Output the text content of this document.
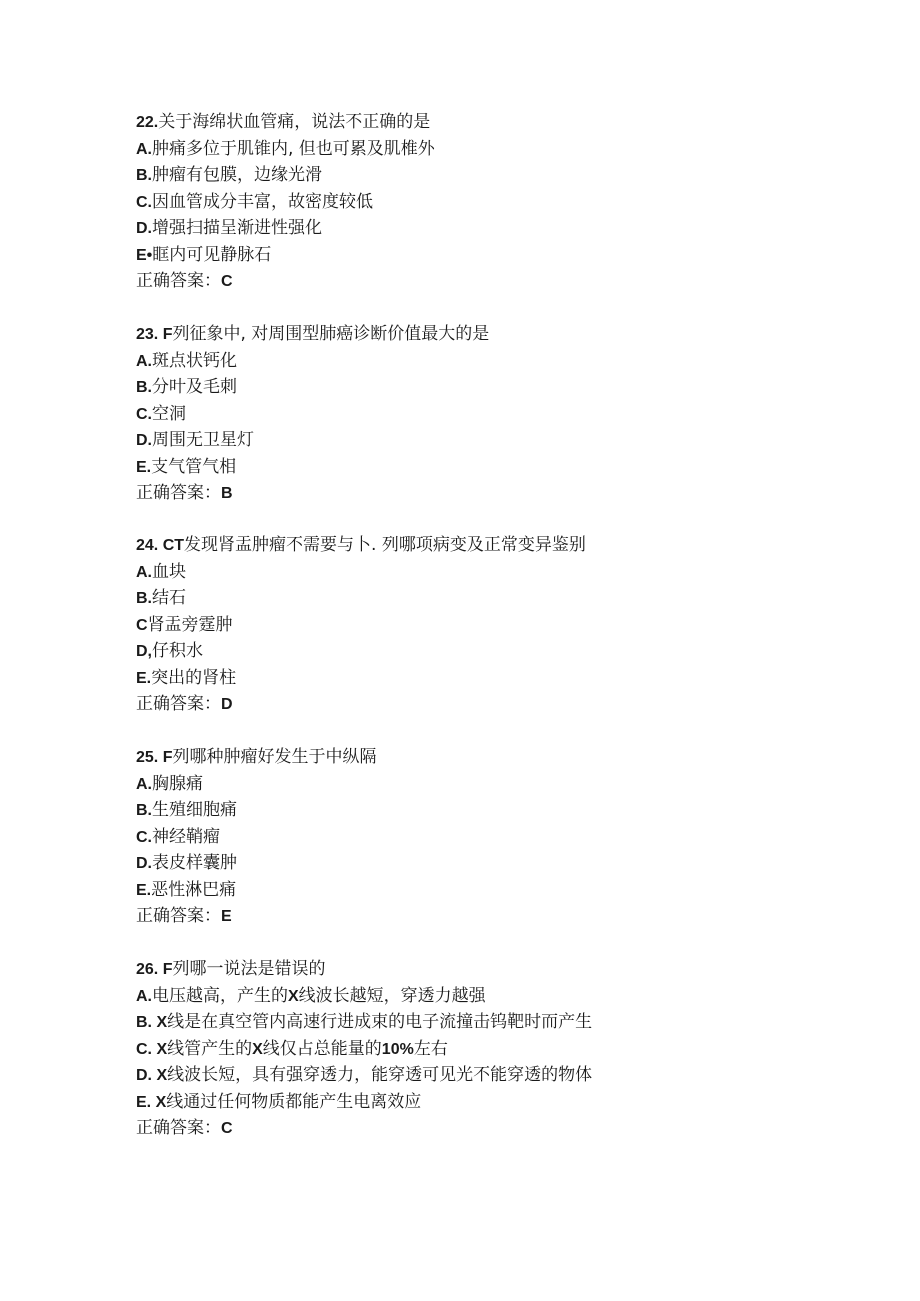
22.关于海绵状血管痛，说法不正确的是
A.肿痛多位于肌锥内, 但也可累及肌椎外
B.肿瘤有包膜，边缘光滑
C.因血管成分丰富，故密度较低
D.增强扫描呈渐进性强化
E•眶内可见静脉石
正确答案：C
23. F列征象中, 对周围型肺癌诊断价值最大的是
A.斑点状钙化
B.分叶及毛刺
C.空洞
D.周围无卫星灯
E.支气管气相
正确答案：B
24. CT发现肾盂肿瘤不需要与卜. 列哪项病变及正常变异鉴别
A.血块
B.结石
C肾盂旁霆肿
D,仔积水
E.突出的肾柱
正确答案：D
25. F列哪种肿瘤好发生于中纵隔
A.胸腺痛
B.生殖细胞痛
C.神经鞘瘤
D.表皮样囊肿
E.恶性淋巴痛
正确答案：E
26. F列哪一说法是错误的
A.电压越高，产生的X线波长越短，穿透力越强
B. X线是在真空管内高速行进成束的电子流撞击钨靶时而产生
C. X线管产生的X线仅占总能量的10%左右
D. X线波长短，具有强穿透力，能穿透可见光不能穿透的物体
E. X线通过任何物质都能产生电离效应
正确答案：C
